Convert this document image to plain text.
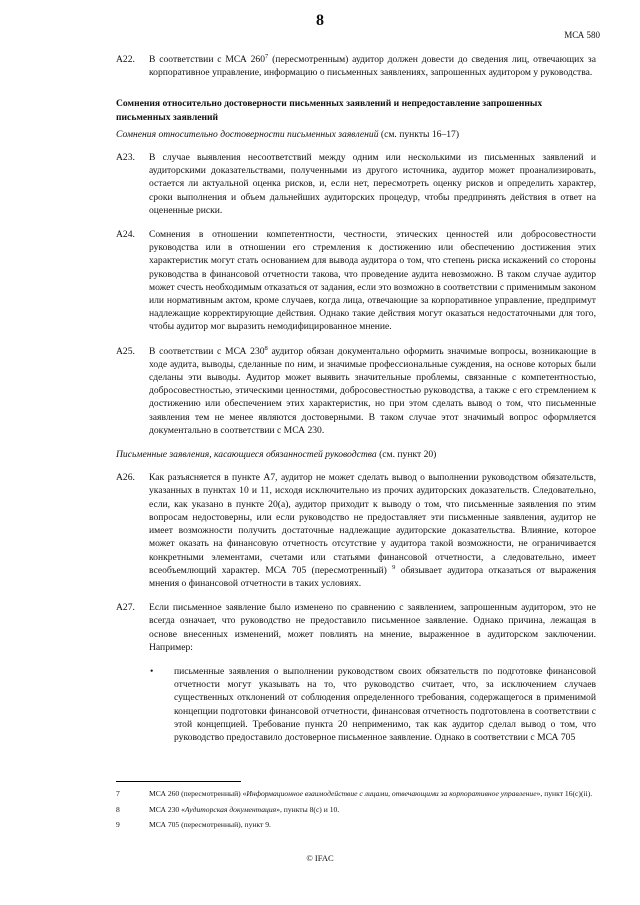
8
МСА 580
A22. В соответствии с МСА $260^7$ (пересмотренным) аудитор должен довести до сведения лиц, отвечающих за корпоративное управление, информацию о письменных заявлениях, запрошенных аудитором у руководства.
Сомнения относительно достоверности письменных заявлений и непредоставление запрошенных письменных заявлений
Сомнения относительно достоверности письменных заявлений (см. пункты 16–17)
A23. В случае выявления несоответствий между одним или несколькими из письменных заявлений и аудиторскими доказательствами, полученными из другого источника, аудитор может проанализировать, остается ли актуальной оценка рисков, и, если нет, пересмотреть оценку рисков и определить характер, сроки выполнения и объем дальнейших аудиторских процедур, чтобы предпринять действия в ответ на оцененные риски.
A24. Сомнения в отношении компетентности, честности, этических ценностей или добросовестности руководства или в отношении его стремления к достижению или обеспечению достижения этих характеристик могут стать основанием для вывода аудитора о том, что степень риска искажений со стороны руководства в финансовой отчетности такова, что проведение аудита невозможно. В таком случае аудитор может счесть необходимым отказаться от задания, если это возможно в соответствии с применимым законом или нормативным актом, кроме случаев, когда лица, отвечающие за корпоративное управление, предпримут надлежащие корректирующие действия. Однако такие действия могут оказаться недостаточными для того, чтобы аудитор мог выразить немодифицированное мнение.
A25. В соответствии с МСА $230^8$ аудитор обязан документально оформить значимые вопросы, возникающие в ходе аудита, выводы, сделанные по ним, и значимые профессиональные суждения, на основе которых были сделаны эти выводы. Аудитор может выявить значительные проблемы, связанные с компетентностью, добросовестностью, этическими ценностями, добросовестностью руководства, а также с его стремлением к достижению или обеспечением этих характеристик, но при этом сделать вывод о том, что письменные заявления тем не менее являются достоверными. В таком случае этот значимый вопрос оформляется документально в соответствии с МСА 230.
Письменные заявления, касающиеся обязанностей руководства (см. пункт 20)
A26. Как разъясняется в пункте A7, аудитор не может сделать вывод о выполнении руководством обязательств, указанных в пунктах 10 и 11, исходя исключительно из прочих аудиторских доказательств. Следовательно, если, как указано в пункте 20(a), аудитор приходит к выводу о том, что письменные заявления по этим вопросам недостоверны, или если руководство не предоставляет эти письменные заявления, аудитор не имеет возможности получить достаточные надлежащие аудиторские доказательства. Влияние, которое может оказать на финансовую отчетность отсутствие у аудитора такой возможности, не ограничивается конкретными элементами, счетами или статьями финансовой отчетности, а следовательно, имеет всеобъемлющий характер. МСА 705 (пересмотренный) $^9$ обязывает аудитора отказаться от выражения мнения о финансовой отчетности в таких условиях.
A27. Если письменное заявление было изменено по сравнению с заявлением, запрошенным аудитором, это не всегда означает, что руководство не предоставило письменное заявление. Однако причина, лежащая в основе внесенных изменений, может повлиять на мнение, выраженное в аудиторском заключении. Например:
• письменные заявления о выполнении руководством своих обязательств по подготовке финансовой отчетности могут указывать на то, что руководство считает, что, за исключением случаев существенных отклонений от соблюдения определенного требования, содержащегося в применимой концепции подготовки финансовой отчетности, финансовая отчетность подготовлена в соответствии с этой концепцией. Требование пункта 20 неприменимо, так как аудитор сделал вывод о том, что руководство предоставило достоверное письменное заявление. Однако в соответствии с МСА 705
7	МСА 260 (пересмотренный) «Информационное взаимодействие с лицами, отвечающими за корпоративное управление», пункт 16(c)(ii).
8	МСА 230 «Аудиторская документация», пункты 8(c) и 10.
9	МСА 705 (пересмотренный), пункт 9.
© IFAC
